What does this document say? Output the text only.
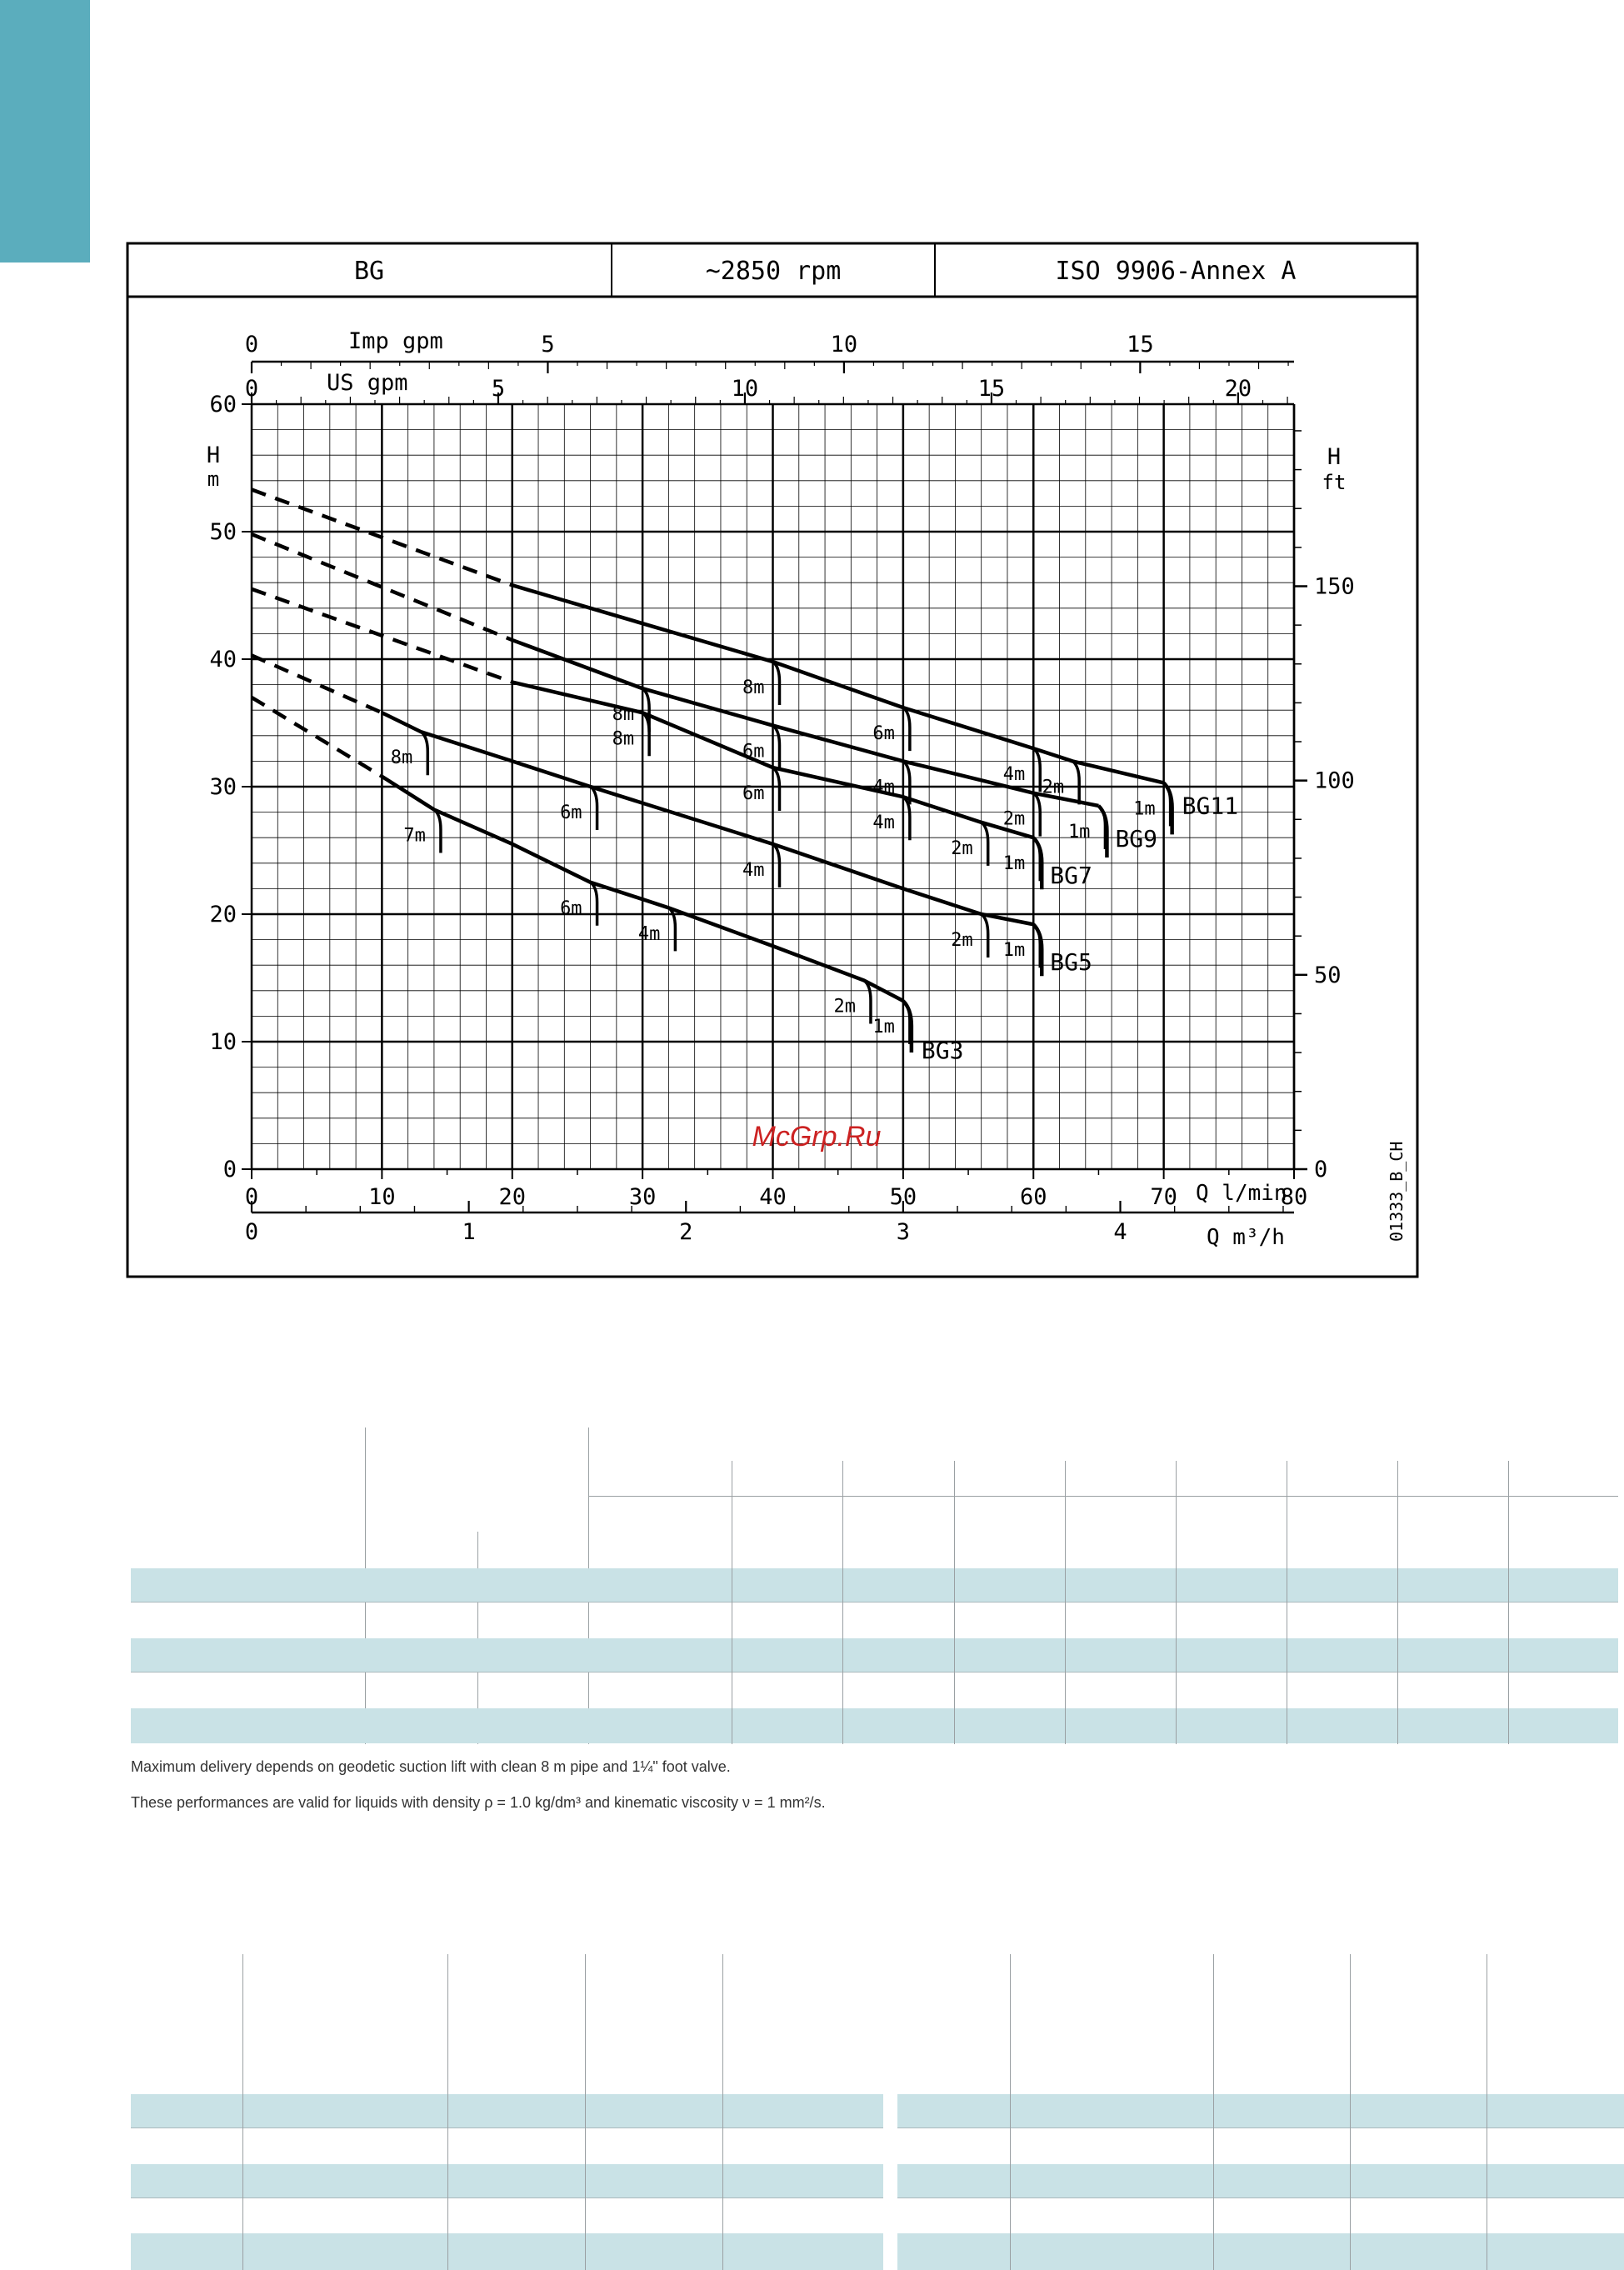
BG	~2850 rpm	ISO 9906-Annex A
0
10
20
30
40
50
60
0
50
100
150
0	10	20	30	40	50	60	70	80
0	1	2	3	4
0	5	10	15
0	5	10	15	20
BG11
8m
6m
4m
2m
1m
BG9
8m
6m
4m
2m
1m
BG7
8m
6m
4m
2m
1m
BG5
8m
6m
4m
2m 1m
BG3
7m
6m
4m
2m
1m
Imp gpm
US gpm
Q l/min
Q m³/h
H
m
H
ft
01333_B_CH
McGrp.Ru
Maximum delivery depends on geodetic suction lift with clean 8 m pipe and 1¼" foot valve.
These performances are valid for liquids with density ρ = 1.0 kg/dm³ and kinematic viscosity ν = 1 mm²/s.
